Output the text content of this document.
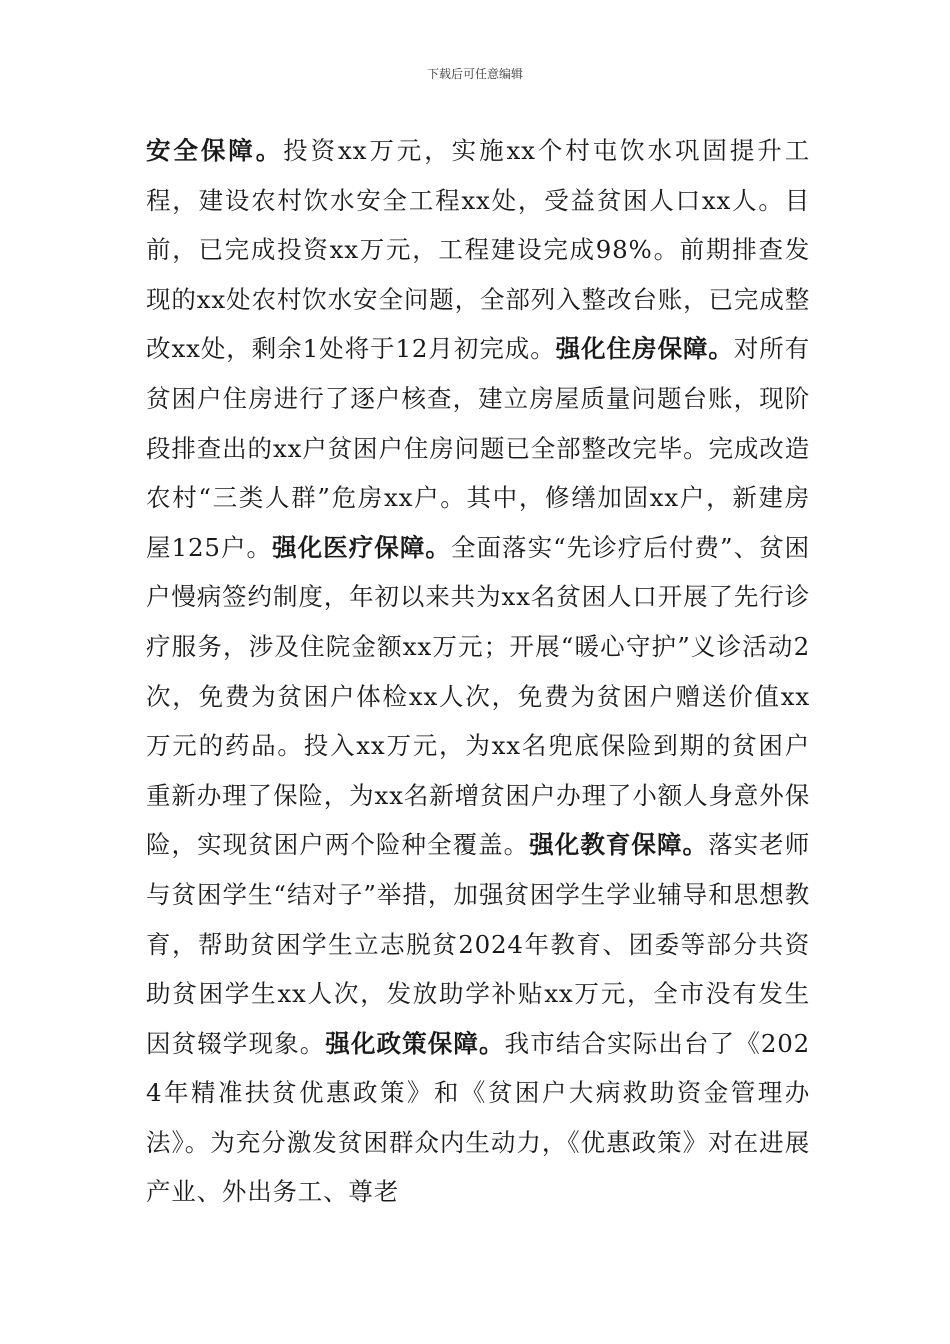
下载后可任意编辑
安全保障。投资xx万元，实施xx个村屯饮水巩固提升工程，建设农村饮水安全工程xx处，受益贫困人口xx人。目前，已完成投资xx万元，工程建设完成98%。前期排查发现的xx处农村饮水安全问题，全部列入整改台账，已完成整改xx处，剩余1处将于12月初完成。强化住房保障。对所有贫困户住房进行了逐户核查，建立房屋质量问题台账，现阶段排查出的xx户贫困户住房问题已全部整改完毕。完成改造农村“三类人群”危房xx户。其中，修缮加固xx户，新建房屋125户。强化医疗保障。全面落实“先诊疗后付费”、贫困户慢病签约制度，年初以来共为xx名贫困人口开展了先行诊疗服务，涉及住院金额xx万元；开展“暖心守护”义诊活动2次，免费为贫困户体检xx人次，免费为贫困户赠送价值xx万元的药品。投入xx万元，为xx名兜底保险到期的贫困户重新办理了保险，为xx名新增贫困户办理了小额人身意外保险，实现贫困户两个险种全覆盖。强化教育保障。落实老师与贫困学生“结对子”举措，加强贫困学生学业辅导和思想教育，帮助贫困学生立志脱贫2024年教育、团委等部分共资助贫困学生xx人次，发放助学补贴xx万元，全市没有发生因贫辍学现象。强化政策保障。我市结合实际出台了《2024年精准扶贫优惠政策》和《贫困户大病救助资金管理办法》。为充分激发贫困群众内生动力，《优惠政策》对在进展产业、外出务工、尊老
